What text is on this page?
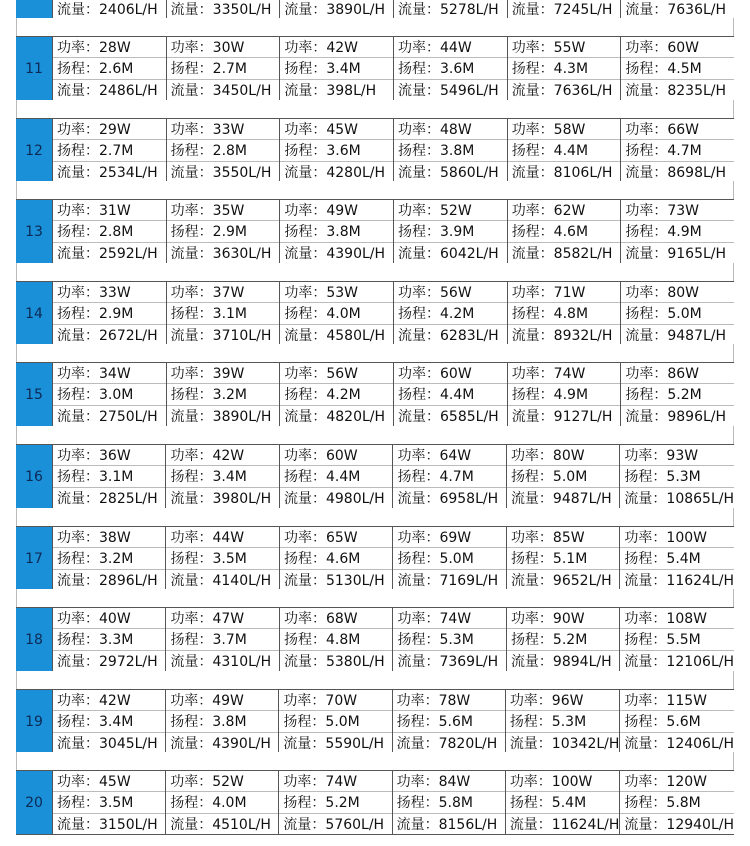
流量：2406L/H 流量：3350L/H 流量：3890L/H 流量：5278L/H 流量：7245L/H 流量：7636L/H
11
功率：28W
扬程：2.6M
流量：2486L/H
功率：30W
扬程：2.7M
流量：3450L/H
功率：42W
扬程：3.4M
流量：398L/H
功率：44W
扬程：3.6M
流量：5496L/H
功率：55W
扬程：4.3M
流量：7636L/H
功率：60W
扬程：4.5M
流量：8235L/H
12
功率：29W
扬程：2.7M
流量：2534L/H
功率：33W
扬程：2.8M
流量：3550L/H
功率：45W
扬程：3.6M
流量：4280L/H
功率：48W
扬程：3.8M
流量：5860L/H
功率：58W
扬程：4.4M
流量：8106L/H
功率：66W
扬程：4.7M
流量：8698L/H
13
功率：31W
扬程：2.8M
流量：2592L/H
功率：35W
扬程：2.9M
流量：3630L/H
功率：49W
扬程：3.8M
流量：4390L/H
功率：52W
扬程：3.9M
流量：6042L/H
功率：62W
扬程：4.6M
流量：8582L/H
功率：73W
扬程：4.9M
流量：9165L/H
14
功率：33W
扬程：2.9M
流量：2672L/H
功率：37W
扬程：3.1M
流量：3710L/H
功率：53W
扬程：4.0M
流量：4580L/H
功率：56W
扬程：4.2M
流量：6283L/H
功率：71W
扬程：4.8M
流量：8932L/H
功率：80W
扬程：5.0M
流量：9487L/H
15
功率：34W
扬程：3.0M
流量：2750L/H
功率：39W
扬程：3.2M
流量：3890L/H
功率：56W
扬程：4.2M
流量：4820L/H
功率：60W
扬程：4.4M
流量：6585L/H
功率：74W
扬程：4.9M
流量：9127L/H
功率：86W
扬程：5.2M
流量：9896L/H
16
功率：36W
扬程：3.1M
流量：2825L/H
功率：42W
扬程：3.4M
流量：3980L/H
功率：60W
扬程：4.4M
流量：4980L/H
功率：64W
扬程：4.7M
流量：6958L/H
功率：80W
扬程：5.0M
流量：9487L/H
功率：93W
扬程：5.3M
流量：10865L/H
17
功率：38W
扬程：3.2M
流量：2896L/H
功率：44W
扬程：3.5M
流量：4140L/H
功率：65W
扬程：4.6M
流量：5130L/H
功率：69W
扬程：5.0M
流量：7169L/H
功率：85W
扬程：5.1M
流量：9652L/H
功率：100W
扬程：5.4M
流量：11624L/H
18
功率：40W
扬程：3.3M
流量：2972L/H
功率：47W
扬程：3.7M
流量：4310L/H
功率：68W
扬程：4.8M
流量：5380L/H
功率：74W
扬程：5.3M
流量：7369L/H
功率：90W
扬程：5.2M
流量：9894L/H
功率：108W
扬程：5.5M
流量：12106L/H
19
功率：42W
扬程：3.4M
流量：3045L/H
功率：49W
扬程：3.8M
流量：4390L/H
功率：70W
扬程：5.0M
流量：5590L/H
功率：78W
扬程：5.6M
流量：7820L/H
功率：96W
扬程：5.3M
流量：10342L/H
功率：115W
扬程：5.6M
流量：12406L/H
20
功率：45W
扬程：3.5M
流量：3150L/H
功率：52W
扬程：4.0M
流量：4510L/H
功率：74W
扬程：5.2M
流量：5760L/H
功率：84W
扬程：5.8M
流量：8156L/H
功率：100W
扬程：5.4M
流量：11624L/H
功率：120W
扬程：5.8M
流量：12940L/H
